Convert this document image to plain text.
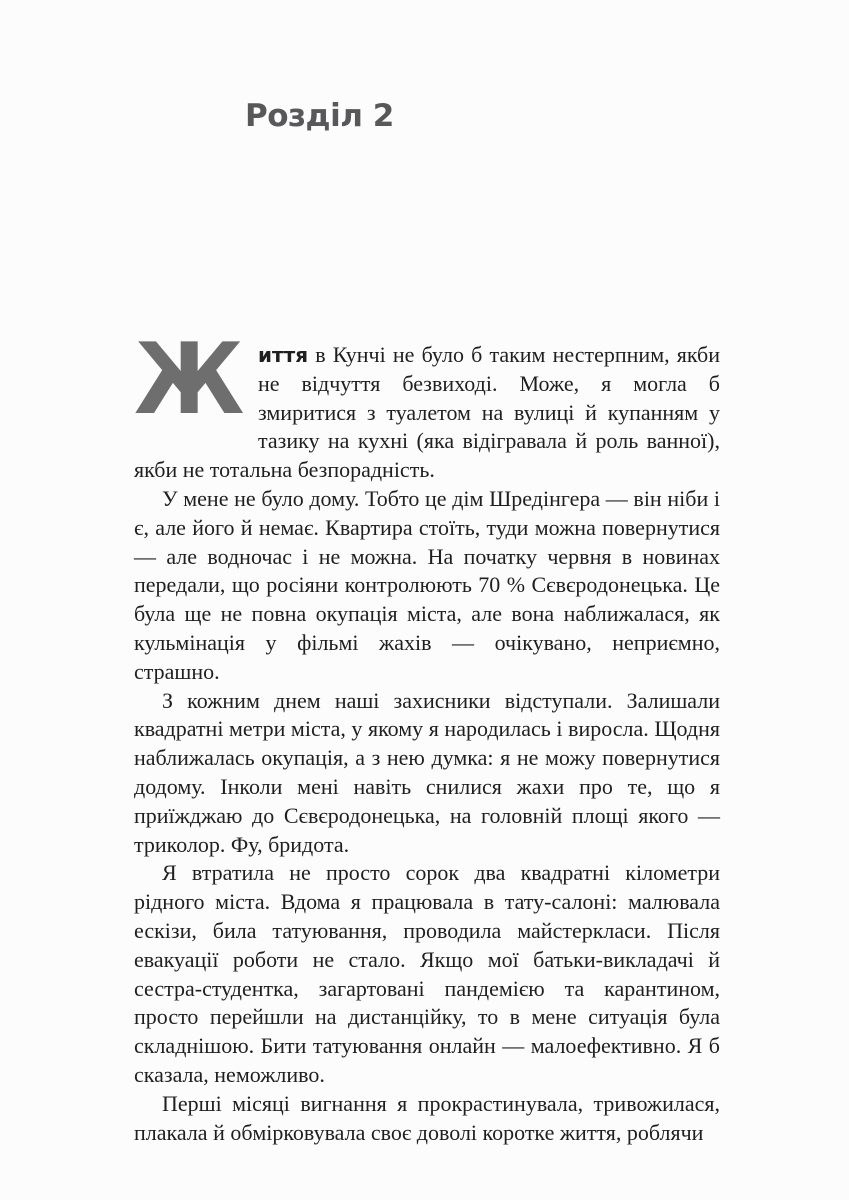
Розділ 2

Ж иття в Кунчі не було б таким нестерпним, якби не відчуття безвиході. Може, я могла б змиритися з туалетом на вулиці й купанням у тазику на кухні (яка відігравала й роль ванної), якби не тотальна безпорадність.

У мене не було дому. Тобто це дім Шредінгера — він ніби і є, але його й немає. Квартира стоїть, туди можна повернутися — але водночас і не можна. На початку червня в новинах передали, що росіяни контролюють 70 % Сєвєродонецька. Це була ще не повна окупація міста, але вона наближалася, як кульмінація у фільмі жахів — очікувано, неприємно, страшно.

З кожним днем наші захисники відступали. Залишали квадратні метри міста, у якому я народилась і виросла. Щодня наближалась окупація, а з нею думка: я не можу повернутися додому. Інколи мені навіть снилися жахи про те, що я приїжджаю до Сєвєродонецька, на головній площі якого — триколор. Фу, бридота.

Я втратила не просто сорок два квадратні кілометри рідного міста. Вдома я працювала в тату-салоні: малювала ескізи, била татуювання, проводила майстеркласи. Після евакуації роботи не стало. Якщо мої батьки-викладачі й сестра-студентка, загартовані пандемією та карантином, просто перейшли на дистанційку, то в мене ситуація була складнішою. Бити татуювання онлайн — малоефективно. Я б сказала, неможливо.

Перші місяці вигнання я прокрастинувала, тривожилася, плакала й обмірковувала своє доволі коротке життя, роблячи
